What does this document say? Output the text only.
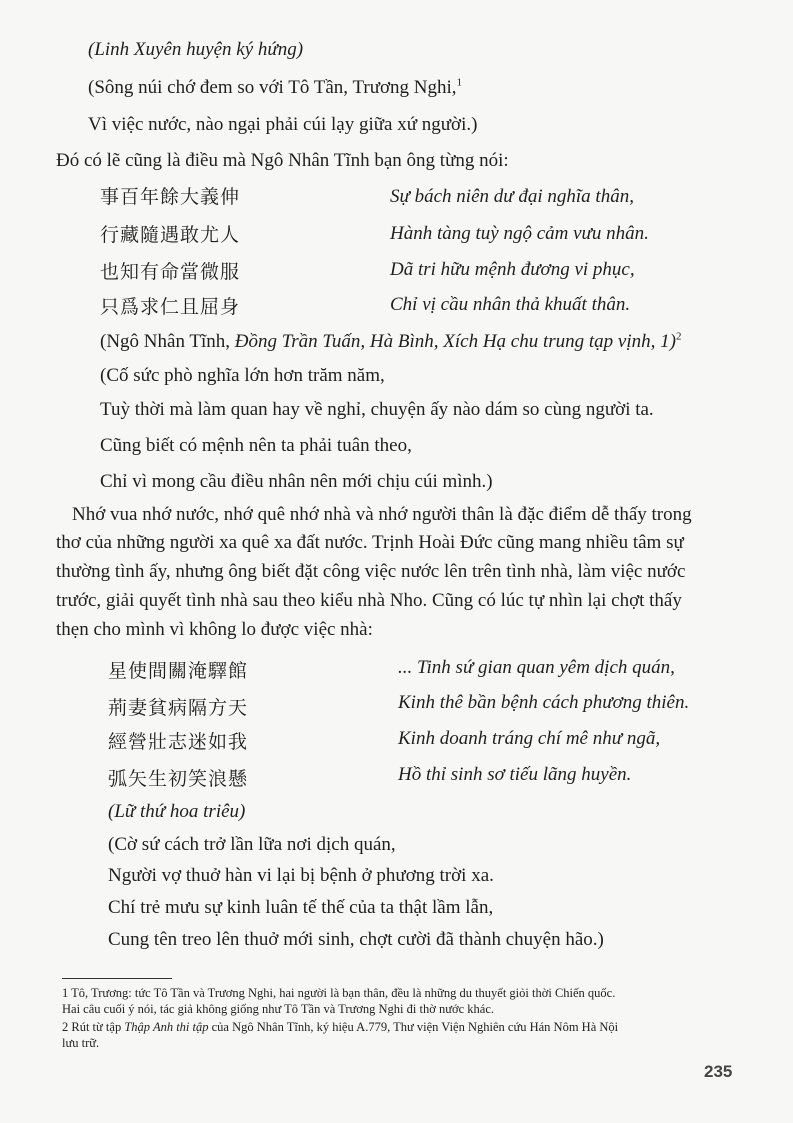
(Linh Xuyên huyện ký hứng)
(Sông núi chớ đem so với Tô Tần, Trương Nghi,$^1$
Vì việc nước, nào ngại phải cúi lạy giữa xứ người.)
Đó có lẽ cũng là điều mà Ngô Nhân Tĩnh bạn ông từng nói:
事百年餘大義伸	Sự bách niên dư đại nghĩa thân,
行藏隨遇敢尤人	Hành tàng tuỳ ngộ cảm vưu nhân.
也知有命當微服	Dã tri hữu mệnh đương vi phục,
只爲求仁且屈身	Chỉ vị cầu nhân thả khuất thân.
(Ngô Nhân Tĩnh, Đồng Trần Tuấn, Hà Bình, Xích Hạ chu trung tạp vịnh, 1)$^2$
(Cố sức phò nghĩa lớn hơn trăm năm,
Tuỳ thời mà làm quan hay về nghỉ, chuyện ấy nào dám so cùng người ta.
Cũng biết có mệnh nên ta phải tuân theo,
Chỉ vì mong cầu điều nhân nên mới chịu cúi mình.)
Nhớ vua nhớ nước, nhớ quê nhớ nhà và nhớ người thân là đặc điểm dễ thấy trong
thơ của những người xa quê xa đất nước. Trịnh Hoài Đức cũng mang nhiều tâm sự
thường tình ấy, nhưng ông biết đặt công việc nước lên trên tình nhà, làm việc nước
trước, giải quyết tình nhà sau theo kiểu nhà Nho. Cũng có lúc tự nhìn lại chợt thấy
thẹn cho mình vì không lo được việc nhà:
星使間關淹驛館	... Tinh sứ gian quan yêm dịch quán,
荊妻貧病隔方天	Kinh thê bần bệnh cách phương thiên.
經營壯志迷如我	Kinh doanh tráng chí mê như ngã,
弧矢生初笑浪懸	Hồ thỉ sinh sơ tiếu lãng huyền.
(Lữ thứ hoa triêu)
(Cờ sứ cách trở lần lữa nơi dịch quán,
Người vợ thuở hàn vi lại bị bệnh ở phương trời xa.
Chí trẻ mưu sự kinh luân tế thế của ta thật lầm lẫn,
Cung tên treo lên thuở mới sinh, chợt cười đã thành chuyện hão.)
1 Tô, Trương: tức Tô Tần và Trương Nghi, hai người là bạn thân, đều là những du thuyết giỏi thời Chiến quốc.
Hai câu cuối ý nói, tác giả không giống như Tô Tần và Trương Nghi đi thờ nước khác.
2 Rút từ tập Thập Anh thi tập của Ngô Nhân Tĩnh, ký hiệu A.779, Thư viện Viện Nghiên cứu Hán Nôm Hà Nội
lưu trữ.
235
